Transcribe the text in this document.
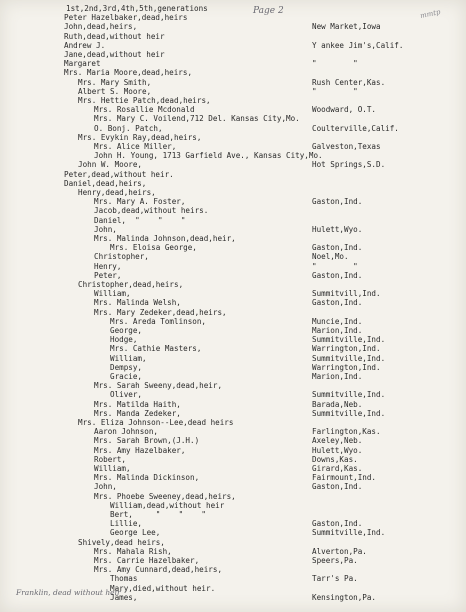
Page 2	mmtp
Franklin, dead without heir
1st,2nd,3rd,4th,5th,generations
Peter Hazelbaker,dead,heirs
John,dead,heirs,	New Market,Iowa
Ruth,dead,without heir
Andrew J.	Y ankee Jim's,Calif.
Jane,dead,without heir
Margaret	"        "
Mrs. Maria Moore,dead,heirs,
Mrs. Mary Smith,	Rush Center,Kas.
Albert S. Moore,	"        "
Mrs. Hettie Patch,dead,heirs,
Mrs. Rosallie Mcdonald	Woodward, O.T.
Mrs. Mary C. Voilend,712 Del. Kansas City,Mo.
O. Bonj. Patch,	Coulterville,Calif.
Mrs. Evykin Ray,dead,heirs,
Mrs. Alice Miller,	Galveston,Texas
John H. Young, 1713 Garfield Ave., Kansas City,Mo.
John W. Moore,	Hot Springs,S.D.
Peter,dead,without heir.
Daniel,dead,heirs,
Henry,dead,heirs,
Mrs. Mary A. Foster,	Gaston,Ind.
Jacob,dead,without heirs.
Daniel,  "    "    "
John,	Hulett,Wyo.
Mrs. Malinda Johnson,dead,heir,
Mrs. Eloisa George,	Gaston,Ind.
Christopher,	Noel,Mo.
Henry,	"        "
Peter,	Gaston,Ind.
Christopher,dead,heirs,
William,	Summitvill,Ind.
Mrs. Malinda Welsh,	Gaston,Ind.
Mrs. Mary Zedeker,dead,heirs,
Mrs. Areda Tomlinson,	Muncie,Ind.
George,	Marion,Ind.
Hodge,	Summitville,Ind.
Mrs. Cathie Masters,	Warrington,Ind.
William,	Summitville,Ind.
Dempsy,	Warrington,Ind.
Gracie,	Marion,Ind.
Mrs. Sarah Sweeny,dead,heir,
Oliver,	Summitville,Ind.
Mrs. Matilda Haith,	Barada,Neb.
Mrs. Manda Zedeker,	Summitville,Ind.
Mrs. Eliza Johnson--Lee,dead heirs
Aaron Johnson,	Farlington,Kas.
Mrs. Sarah Brown,(J.H.)	Axeley,Neb.
Mrs. Amy Hazelbaker,	Hulett,Wyo.
Robert,	Downs,Kas.
William,	Girard,Kas.
Mrs. Malinda Dickinson,	Fairmount,Ind.
John,	Gaston,Ind.
Mrs. Phoebe Sweeney,dead,heirs,
William,dead,without heir
Bert,     "    "    "
Lillie,	Gaston,Ind.
George Lee,	Summitville,Ind.
Shively,dead heirs,
Mrs. Mahala Rish,	Alverton,Pa.
Mrs. Carrie Hazelbaker,	Speers,Pa.
Mrs. Amy Cunnard,dead,heirs,
Thomas	Tarr's Pa.
Mary,died,without heir.
James,	Kensington,Pa.
